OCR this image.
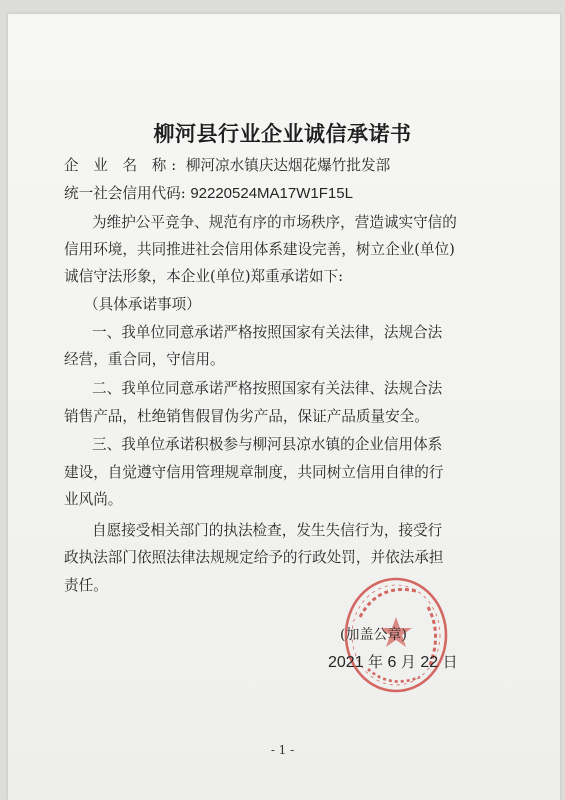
柳河县行业企业诚信承诺书
企 业 名 称: 柳河凉水镇庆达烟花爆竹批发部
统一社会信用代码: 92220524MA17W1F15L
为维护公平竞争、规范有序的市场秩序，营造诚实守信的
信用环境，共同推进社会信用体系建设完善，树立企业(单位)
诚信守法形象，本企业(单位)郑重承诺如下:
（具体承诺事项）
一、我单位同意承诺严格按照国家有关法律，法规合法
经营，重合同，守信用。
二、我单位同意承诺严格按照国家有关法律、法规合法
销售产品，杜绝销售假冒伪劣产品，保证产品质量安全。
三、我单位承诺积极参与柳河县凉水镇的企业信用体系
建设，自觉遵守信用管理规章制度，共同树立信用自律的行
业风尚。
自愿接受相关部门的执法检查，发生失信行为，接受行
政执法部门依照法律法规规定给予的行政处罚，并依法承担
责任。
(加盖公章)
2021 年 6 月 22 日
- 1 -
